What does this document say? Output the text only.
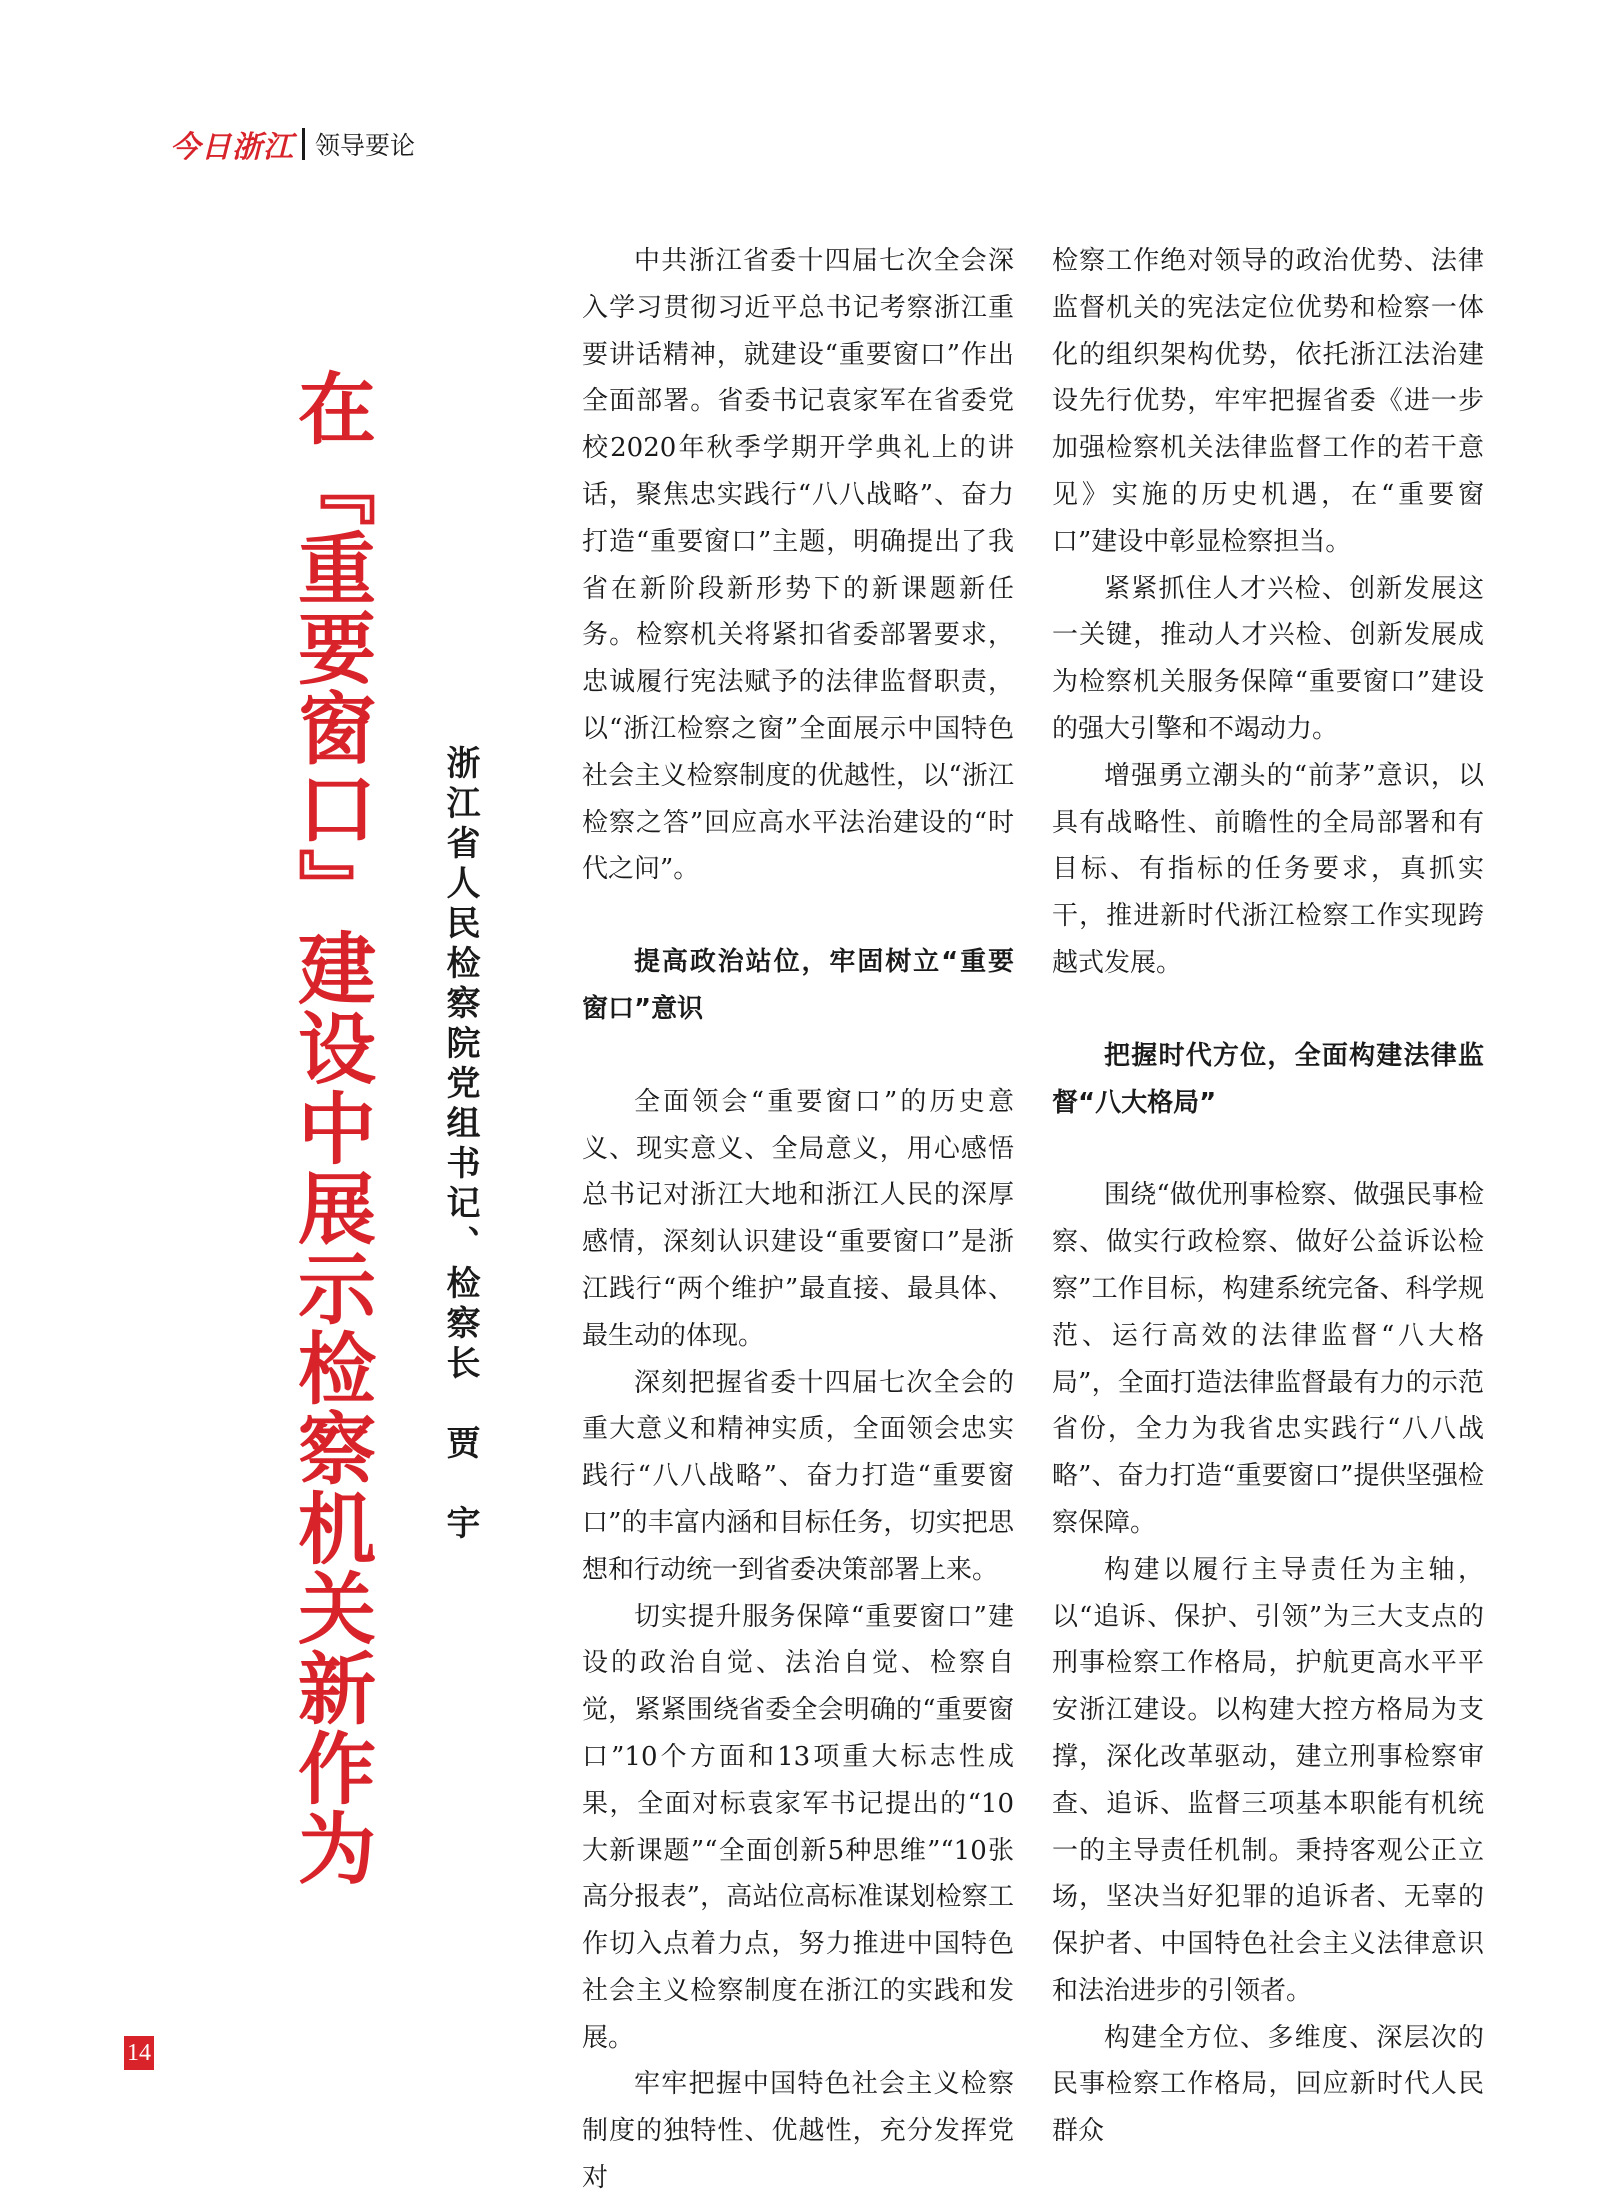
今日浙江 领导要论
在『重要窗口』建设中展示检察机关新作为 浙江省人民检察院党组书记、检察长　贾　宇

中共浙江省委十四届七次全会深入学习贯彻习近平总书记考察浙江重要讲话精神，就建设“重要窗口”作出全面部署。省委书记袁家军在省委党校2020年秋季学期开学典礼上的讲话，聚焦忠实践行“八八战略”、奋力打造“重要窗口”主题，明确提出了我省在新阶段新形势下的新课题新任务。检察机关将紧扣省委部署要求，忠诚履行宪法赋予的法律监督职责，以“浙江检察之窗”全面展示中国特色社会主义检察制度的优越性，以“浙江检察之答”回应高水平法治建设的“时代之问”。

提高政治站位，牢固树立“重要窗口”意识

全面领会“重要窗口”的历史意义、现实意义、全局意义，用心感悟总书记对浙江大地和浙江人民的深厚感情，深刻认识建设“重要窗口”是浙江践行“两个维护”最直接、最具体、最生动的体现。

深刻把握省委十四届七次全会的重大意义和精神实质，全面领会忠实践行“八八战略”、奋力打造“重要窗口”的丰富内涵和目标任务，切实把思想和行动统一到省委决策部署上来。

切实提升服务保障“重要窗口”建设的政治自觉、法治自觉、检察自觉，紧紧围绕省委全会明确的“重要窗口”10个方面和13项重大标志性成果，全面对标袁家军书记提出的“10大新课题”“全面创新5种思维”“10张高分报表”，高站位高标准谋划检察工作切入点着力点，努力推进中国特色社会主义检察制度在浙江的实践和发展。

牢牢把握中国特色社会主义检察制度的独特性、优越性，充分发挥党对

检察工作绝对领导的政治优势、法律监督机关的宪法定位优势和检察一体化的组织架构优势，依托浙江法治建设先行优势，牢牢把握省委《进一步加强检察机关法律监督工作的若干意见》实施的历史机遇，在“重要窗口”建设中彰显检察担当。

紧紧抓住人才兴检、创新发展这一关键，推动人才兴检、创新发展成为检察机关服务保障“重要窗口”建设的强大引擎和不竭动力。

增强勇立潮头的“前茅”意识，以具有战略性、前瞻性的全局部署和有目标、有指标的任务要求，真抓实干，推进新时代浙江检察工作实现跨越式发展。

把握时代方位，全面构建法律监督“八大格局”

围绕“做优刑事检察、做强民事检察、做实行政检察、做好公益诉讼检察”工作目标，构建系统完备、科学规范、运行高效的法律监督“八大格局”，全面打造法律监督最有力的示范省份，全力为我省忠实践行“八八战略”、奋力打造“重要窗口”提供坚强检察保障。

构建以履行主导责任为主轴，以“追诉、保护、引领”为三大支点的刑事检察工作格局，护航更高水平平安浙江建设。以构建大控方格局为支撑，深化改革驱动，建立刑事检察审查、追诉、监督三项基本职能有机统一的主导责任机制。秉持客观公正立场，坚决当好犯罪的追诉者、无辜的保护者、中国特色社会主义法律意识和法治进步的引领者。

构建全方位、多维度、深层次的民事检察工作格局，回应新时代人民群众

14
